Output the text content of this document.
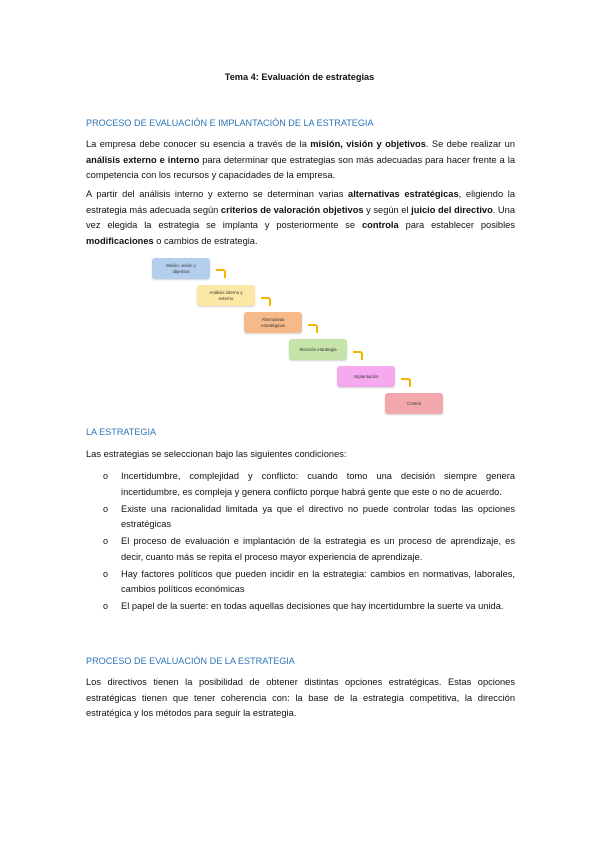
Tema 4: Evaluación de estrategias
PROCESO DE EVALUACIÓN E IMPLANTACIÓN DE LA ESTRATEGIA

La empresa debe conocer su esencia a través de la misión, visión y objetivos. Se debe realizar un análisis externo e interno para determinar que estrategias son más adecuadas para hacer frente a la competencia con los recursos y capacidades de la empresa.

A partir del análisis interno y externo se determinan varias alternativas estratégicas, eligiendo la estrategia más adecuada según criterios de valoración objetivos y según el juicio del directivo. Una vez elegida la estrategia se implanta y posteriormente se controla para establecer posibles modificaciones o cambios de estrategia.

Misión, visión y objetivos
Análisis interno y externo
Alternativas estratégicas
Elección estrategia
Implantación
Control
LA ESTRATEGIA
Las estrategias se seleccionan bajo las siguientes condiciones:
o Incertidumbre, complejidad y conflicto: cuando tomo una decisión siempre genera incertidumbre, es compleja y genera conflicto porque habrá gente que este o no de acuerdo.
o Existe una racionalidad limitada ya que el directivo no puede controlar todas las opciones estratégicas
o El proceso de evaluación e implantación de la estrategia es un proceso de aprendizaje, es decir, cuanto más se repita el proceso mayor experiencia de aprendizaje.
o Hay factores políticos que pueden incidir en la estrategia: cambios en normativas, laborales, cambios políticos económicas
o El papel de la suerte: en todas aquellas decisiones que hay incertidumbre la suerte va unida.
PROCESO DE EVALUACIÓN DE LA ESTRATEGIA
Los directivos tienen la posibilidad de obtener distintas opciones estratégicas. Estas opciones estratégicas tienen que tener coherencia con: la base de la estrategia competitiva, la dirección estratégica y los métodos para seguir la estrategia.
